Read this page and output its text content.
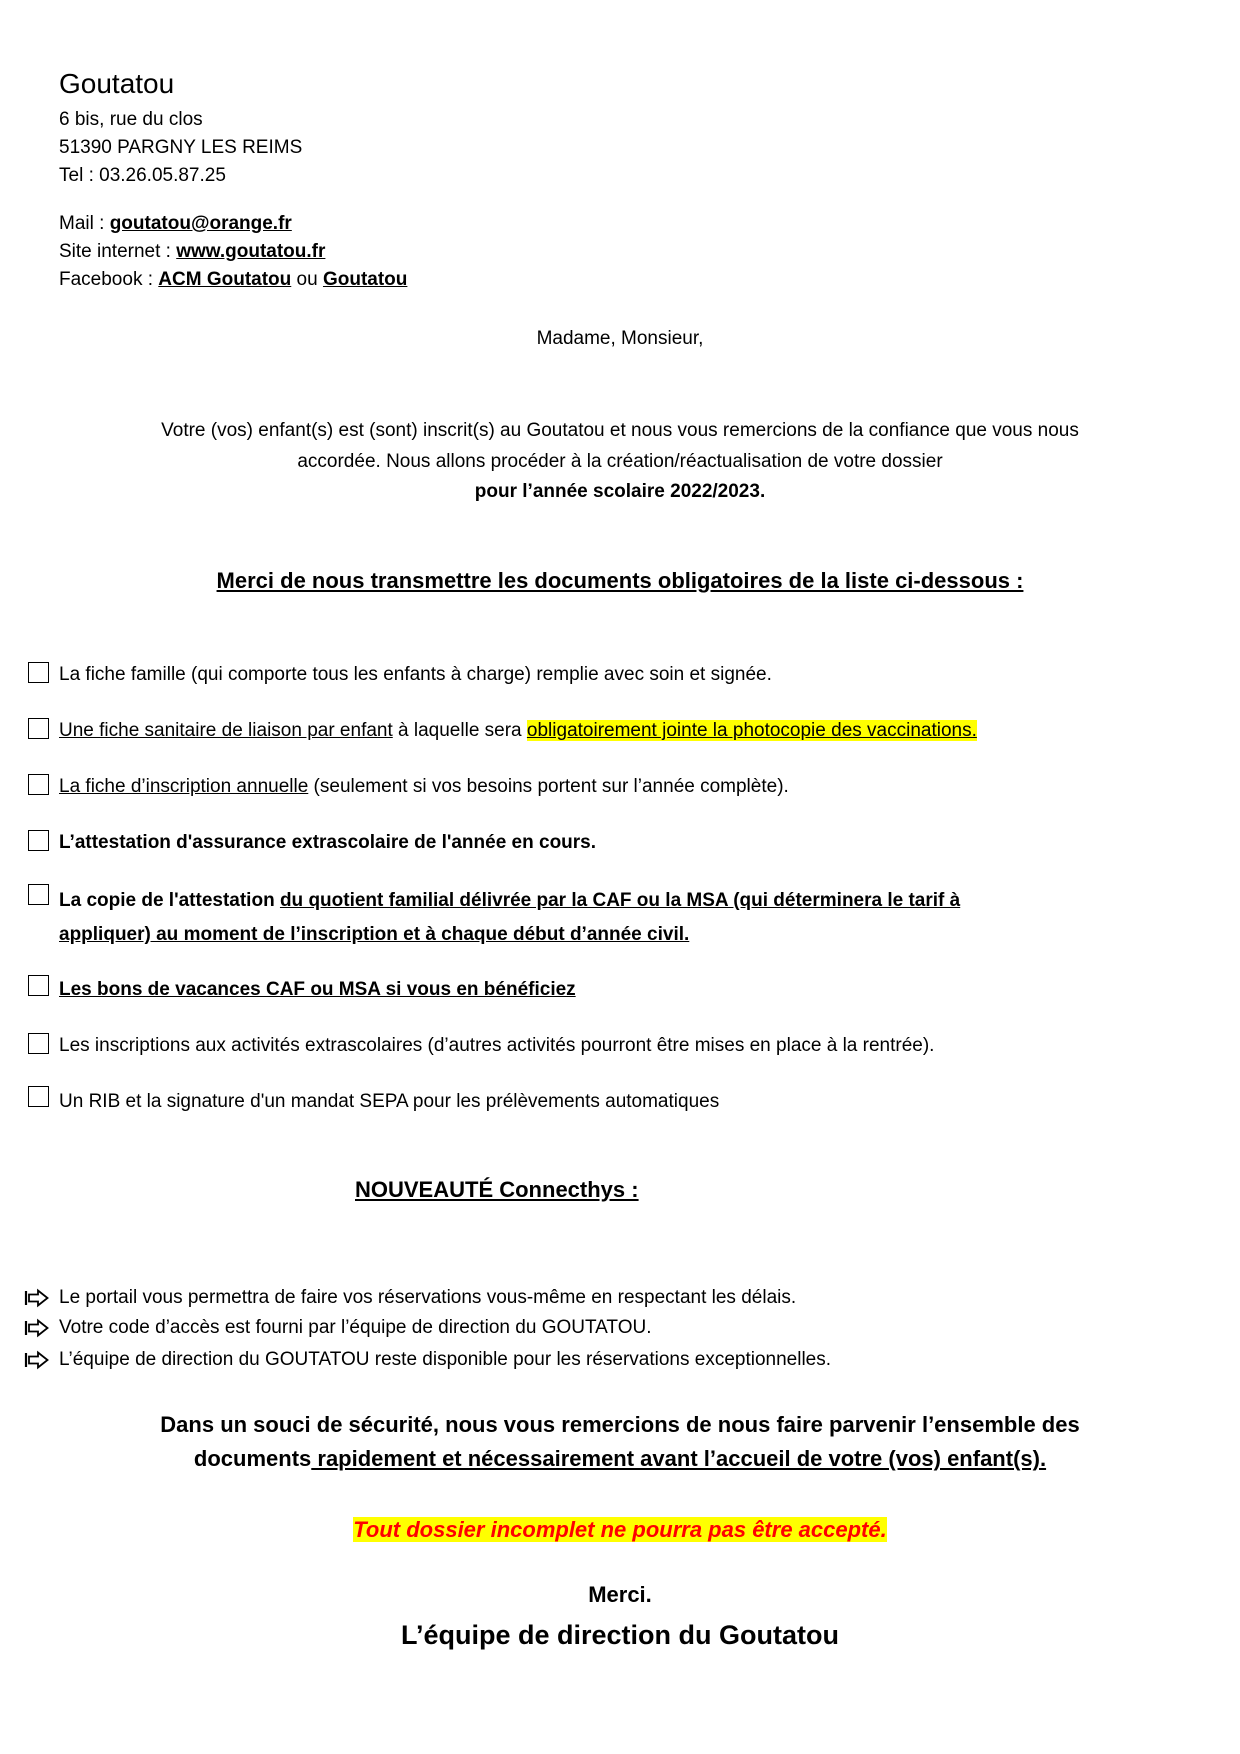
Goutatou
6 bis, rue du clos
51390 PARGNY LES REIMS
Tel : 03.26.05.87.25
Mail : goutatou@orange.fr
Site internet : www.goutatou.fr
Facebook : ACM Goutatou ou Goutatou
Madame, Monsieur,
Votre (vos) enfant(s) est (sont) inscrit(s) au Goutatou et nous vous remercions de la confiance que vous nous
accordée. Nous allons procéder à la création/réactualisation de votre dossier
pour l’année scolaire 2022/2023.
Merci de nous transmettre les documents obligatoires de la liste ci-dessous :
La fiche famille (qui comporte tous les enfants à charge) remplie avec soin et signée.
Une fiche sanitaire de liaison par enfant à laquelle sera obligatoirement jointe la photocopie des vaccinations.
La fiche d’inscription annuelle (seulement si vos besoins portent sur l’année complète).
L’attestation d'assurance extrascolaire de l'année en cours.
La copie de l'attestation du quotient familial délivrée par la CAF ou la MSA (qui déterminera le tarif à
appliquer) au moment de l’inscription et à chaque début d’année civil.
Les bons de vacances CAF ou MSA si vous en bénéficiez
Les inscriptions aux activités extrascolaires (d’autres activités pourront être mises en place à la rentrée).
Un RIB et la signature d'un mandat SEPA pour les prélèvements automatiques
NOUVEAUTÉ Connecthys :
Le portail vous permettra de faire vos réservations vous-même en respectant les délais.
Votre code d’accès est fourni par l’équipe de direction du GOUTATOU.
L’équipe de direction du GOUTATOU reste disponible pour les réservations exceptionnelles.
Dans un souci de sécurité, nous vous remercions de nous faire parvenir l’ensemble des
documents rapidement et nécessairement avant l’accueil de votre (vos) enfant(s).
Tout dossier incomplet ne pourra pas être accepté.
Merci.
L’équipe de direction du Goutatou
